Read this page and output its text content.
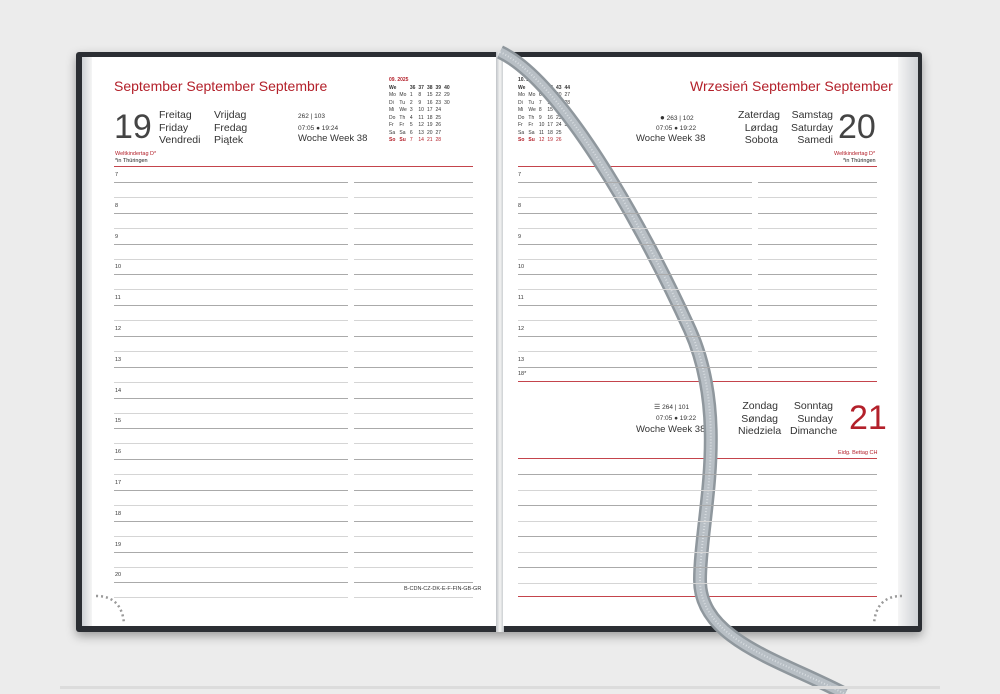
September September Septembre
19 Freitag
Friday
Vendredi
Vrijdag
Fredag
Piątek
262 | 103
07:05 ● 19:24
Woche Week 38
Weltkindertag D*
*in Thüringen
09. 2025
We		36	37	38	39	40
Mo	Mo	1	8	15	22	29
Di	Tu	2	9	16	23	30
Mi	We	3	10	17	24	
Do	Th	4	11	18	25	
Fr	Fr	5	12	19	26	
Sa	Sa	6	13	20	27	
So	Su	7	14	21	28	
B-CDN-CZ-DK-E-F-FIN-GB-GR
Wrzesień September September
10. 2025
We		41	42	43	44
Mo	Mo	6	13	20	27
Di	Tu	7	14	21	28
Mi	We	8	15	22	29
Do	Th	9	16	23	30
Fr	Fr	10	17	24	31
Sa	Sa	11	18	25	
So	Su	12	19	26	
● 263 | 102
07:05 ● 19:22
Woche Week 38
Zaterdag
Lørdag
Sobota
Samstag
Saturday
Samedi 20
Weltkindertag D*
*in Thüringen
18*
☰ 264 | 101
07:05 ● 19:22
Woche Week 38
Zondag
Søndag
Niedziela
Sonntag
Sunday
Dimanche 21
Eidg. Bettag CH
7
8
9
10
11
12
13
14
15
16
17
18
19
20
7
8
9
10
11
12
13
